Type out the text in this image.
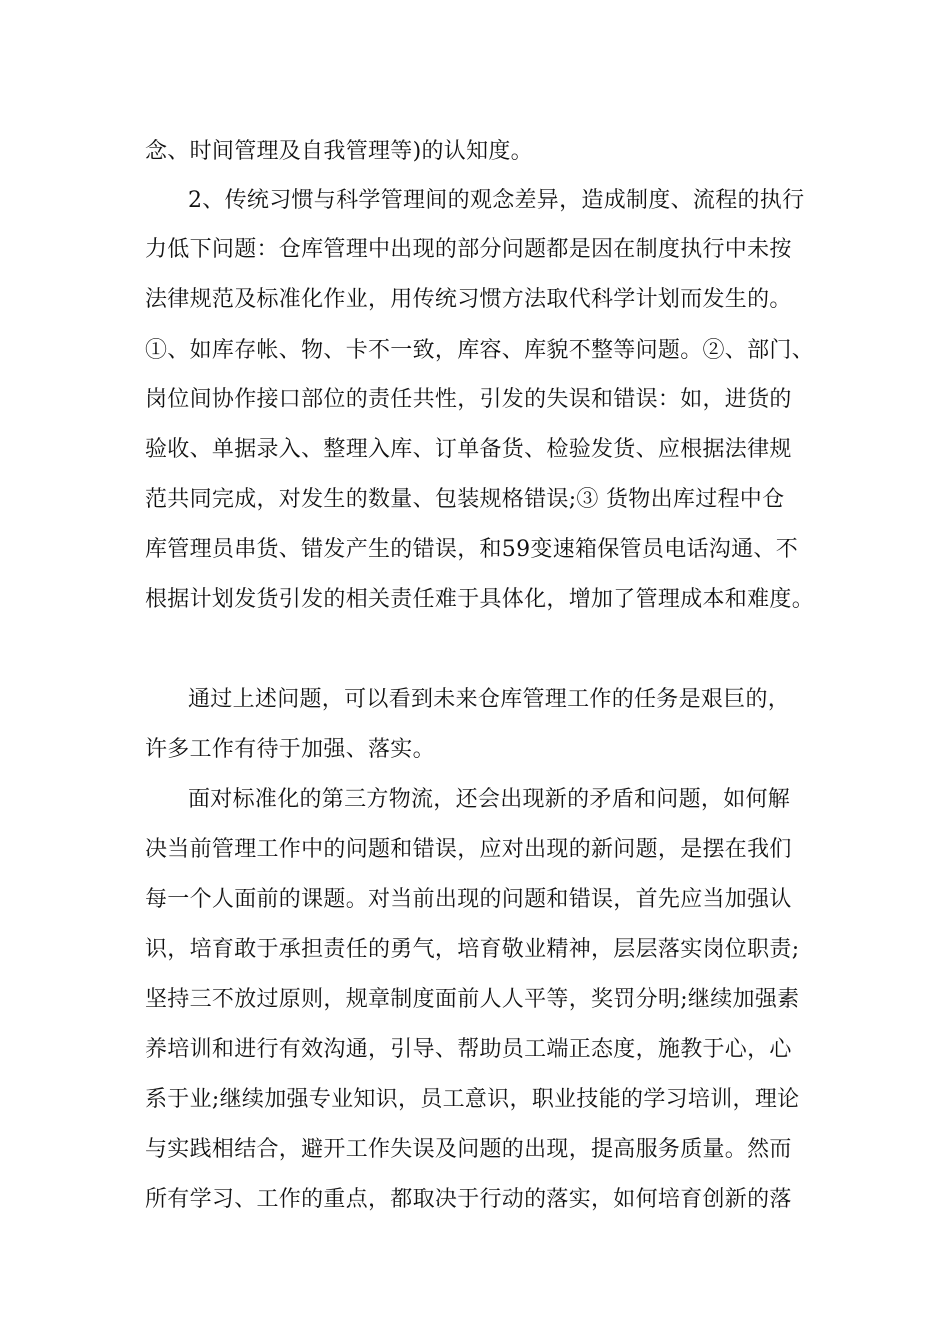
念、时间管理及自我管理等)的认知度。
2、传统习惯与科学管理间的观念差异，造成制度、流程的执行
力低下问题：仓库管理中出现的部分问题都是因在制度执行中未按
法律规范及标准化作业，用传统习惯方法取代科学计划而发生的。
①、如库存帐、物、卡不一致，库容、库貌不整等问题。②、部门、
岗位间协作接口部位的责任共性，引发的失误和错误：如，进货的
验收、单据录入、整理入库、订单备货、检验发货、应根据法律规
范共同完成，对发生的数量、包装规格错误;③ 货物出库过程中仓
库管理员串货、错发产生的错误，和59变速箱保管员电话沟通、不
根据计划发货引发的相关责任难于具体化，增加了管理成本和难度。
通过上述问题，可以看到未来仓库管理工作的任务是艰巨的，
许多工作有待于加强、落实。
面对标准化的第三方物流，还会出现新的矛盾和问题，如何解
决当前管理工作中的问题和错误，应对出现的新问题，是摆在我们
每一个人面前的课题。对当前出现的问题和错误，首先应当加强认
识，培育敢于承担责任的勇气，培育敬业精神，层层落实岗位职责;
坚持三不放过原则，规章制度面前人人平等，奖罚分明;继续加强素
养培训和进行有效沟通，引导、帮助员工端正态度，施教于心，心
系于业;继续加强专业知识，员工意识，职业技能的学习培训，理论
与实践相结合，避开工作失误及问题的出现，提高服务质量。然而
所有学习、工作的重点，都取决于行动的落实，如何培育创新的落
